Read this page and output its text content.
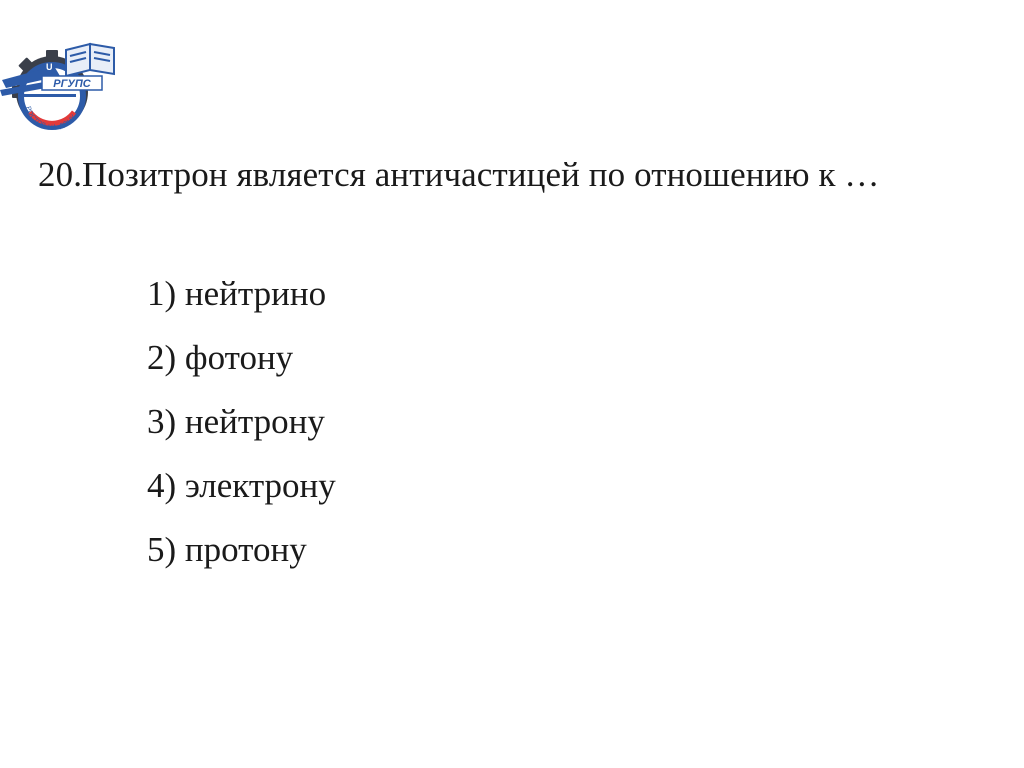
РГУПС
РОСТОВ-НА-ДОНУ
U
20.Позитрон является античастицей по отношению к …
1) нейтрино
2) фотону
3) нейтрону
4) электрону
5) протону
